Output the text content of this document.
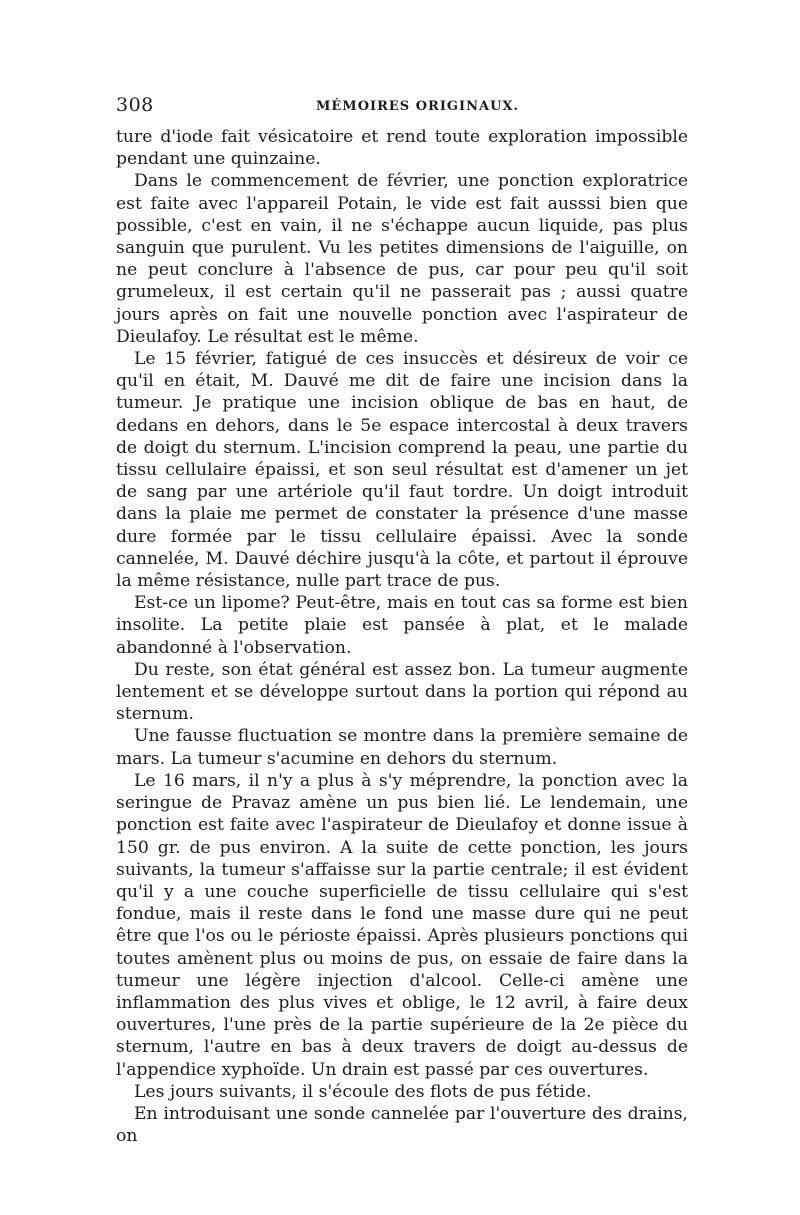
308	MÉMOIRES ORIGINAUX.

ture d'iode fait vésicatoire et rend toute exploration impossible pendant une quinzaine.

Dans le commencement de février, une ponction exploratrice est faite avec l'appareil Potain, le vide est fait ausssi bien que possible, c'est en vain, il ne s'échappe aucun liquide, pas plus sanguin que purulent. Vu les petites dimensions de l'aiguille, on ne peut conclure à l'absence de pus, car pour peu qu'il soit grumeleux, il est certain qu'il ne passerait pas ; aussi quatre jours après on fait une nouvelle ponction avec l'aspirateur de Dieulafoy. Le résultat est le même.

Le 15 février, fatigué de ces insuccès et désireux de voir ce qu'il en était, M. Dauvé me dit de faire une incision dans la tumeur. Je pratique une incision oblique de bas en haut, de dedans en dehors, dans le 5e espace intercostal à deux travers de doigt du sternum. L'incision comprend la peau, une partie du tissu cellulaire épaissi, et son seul résultat est d'amener un jet de sang par une artériole qu'il faut tordre. Un doigt introduit dans la plaie me permet de constater la présence d'une masse dure formée par le tissu cellulaire épaissi. Avec la sonde cannelée, M. Dauvé déchire jusqu'à la côte, et partout il éprouve la même résistance, nulle part trace de pus.

Est-ce un lipome? Peut-être, mais en tout cas sa forme est bien insolite. La petite plaie est pansée à plat, et le malade abandonné à l'observation.

Du reste, son état général est assez bon. La tumeur augmente lentement et se développe surtout dans la portion qui répond au sternum.

Une fausse fluctuation se montre dans la première semaine de mars. La tumeur s'acumine en dehors du sternum.

Le 16 mars, il n'y a plus à s'y méprendre, la ponction avec la seringue de Pravaz amène un pus bien lié. Le lendemain, une ponction est faite avec l'aspirateur de Dieulafoy et donne issue à 150 gr. de pus environ. A la suite de cette ponction, les jours suivants, la tumeur s'affaisse sur la partie centrale; il est évident qu'il y a une couche superficielle de tissu cellulaire qui s'est fondue, mais il reste dans le fond une masse dure qui ne peut être que l'os ou le périoste épaissi. Après plusieurs ponctions qui toutes amènent plus ou moins de pus, on essaie de faire dans la tumeur une légère injection d'alcool. Celle-ci amène une inflammation des plus vives et oblige, le 12 avril, à faire deux ouvertures, l'une près de la partie supérieure de la 2e pièce du sternum, l'autre en bas à deux travers de doigt au-dessus de l'appendice xyphoïde. Un drain est passé par ces ouvertures.

Les jours suivants, il s'écoule des flots de pus fétide.

En introduisant une sonde cannelée par l'ouverture des drains, on
